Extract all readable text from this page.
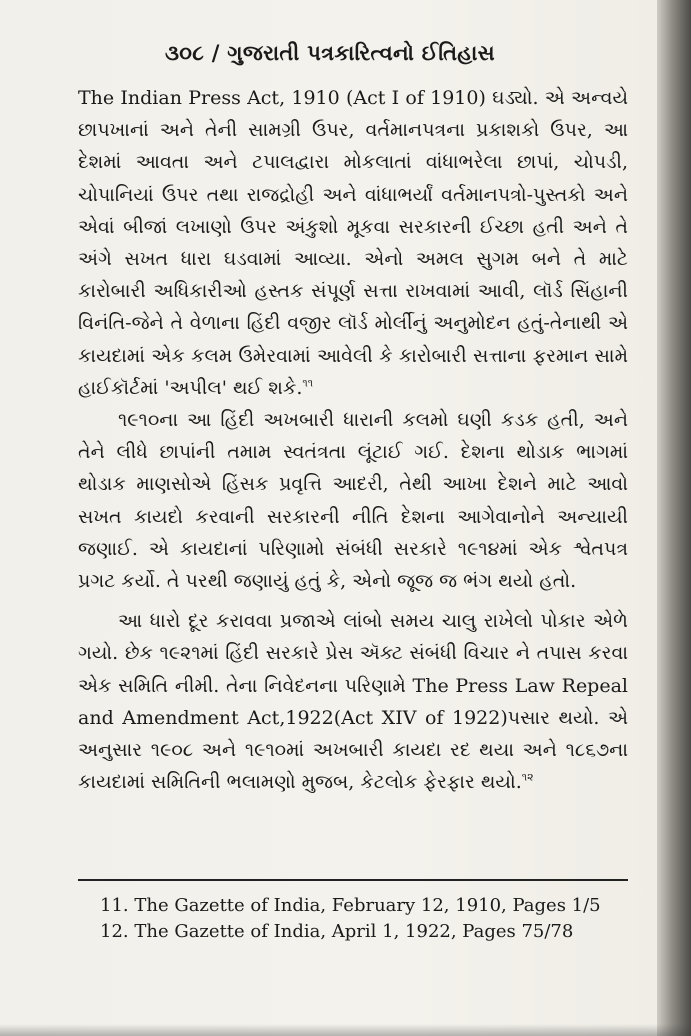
૩૦૮ / ગુજરાતી પત્રકારિત્વનો ઈતિહાસ

The Indian Press Act, 1910 (Act I of 1910) ઘડ્યો. એ અન્વયે છાપખાનાં અને તેની સામગ્રી ઉપર, વર્તમાનપત્રના પ્રકાશકો ઉપર, આ દેશમાં આવતા અને ટપાલદ્વારા મોકલાતાં વાંધાભરેલા છાપાં, ચોપડી, ચોપાનિયાં ઉપર તથા રાજદ્રોહી અને વાંધાભર્યાં વર્તમાનપત્રો-પુસ્તકો અને એવાં બીજાં લખાણો ઉપર અંકુશો મૂકવા સરકારની ઈચ્છા હતી અને તે અંગે સખત ધારા ઘડવામાં આવ્યા. એનો અમલ સુગમ બને તે માટે કારોબારી અધિકારીઓ હસ્તક સંપૂર્ણ સત્તા રાખવામાં આવી, લૉર્ડ સિંહાની વિનંતિ-જેને તે વેળાના હિંદી વજીર લૉર્ડ મોર્લીનું અનુમોદન હતું-તેનાથી એ કાયદામાં એક કલમ ઉમેરવામાં આવેલી કે કારોબારી સત્તાના ફરમાન સામે હાઈકૉર્ટમાં 'અપીલ' થઈ શકે.$^{૧૧}$

૧૯૧૦ના આ હિંદી અખબારી ધારાની કલમો ઘણી કડક હતી, અને તેને લીધે છાપાંની તમામ સ્વતંત્રતા લૂંટાઈ ગઈ. દેશના થોડાક ભાગમાં થોડાક માણસોએ હિંસક પ્રવૃત્તિ આદરી, તેથી આખા દેશને માટે આવો સખત કાયદો કરવાની સરકારની નીતિ દેશના આગેવાનોને અન્યાયી જણાઈ. એ કાયદાનાં પરિણામો સંબંધી સરકારે ૧૯૧૪માં એક શ્વેતપત્ર પ્રગટ કર્યો. તે પરથી જણાયું હતું કે, એનો જૂજ જ ભંગ થયો હતો.

આ ધારો દૂર કરાવવા પ્રજાએ લાંબો સમય ચાલુ રાખેલો પોકાર એળે ગયો. છેક ૧૯૨૧માં હિંદી સરકારે પ્રેસ ઍક્ટ સંબંધી વિચાર ને તપાસ કરવા એક સમિતિ નીમી. તેના નિવેદનના પરિણામે The Press Law Repeal and Amendment Act,1922(Act XIV of 1922)પસાર થયો. એ અનુસાર ૧૯૦૮ અને ૧૯૧૦માં અખબારી કાયદા રદ થયા અને ૧૮૬૭ના કાયદામાં સમિતિની ભલામણો મુજબ, કેટલોક ફેરફાર થયો.$^{૧૨}$

11. The Gazette of India, February 12, 1910, Pages 1/5
12. The Gazette of India, April 1, 1922, Pages 75/78
